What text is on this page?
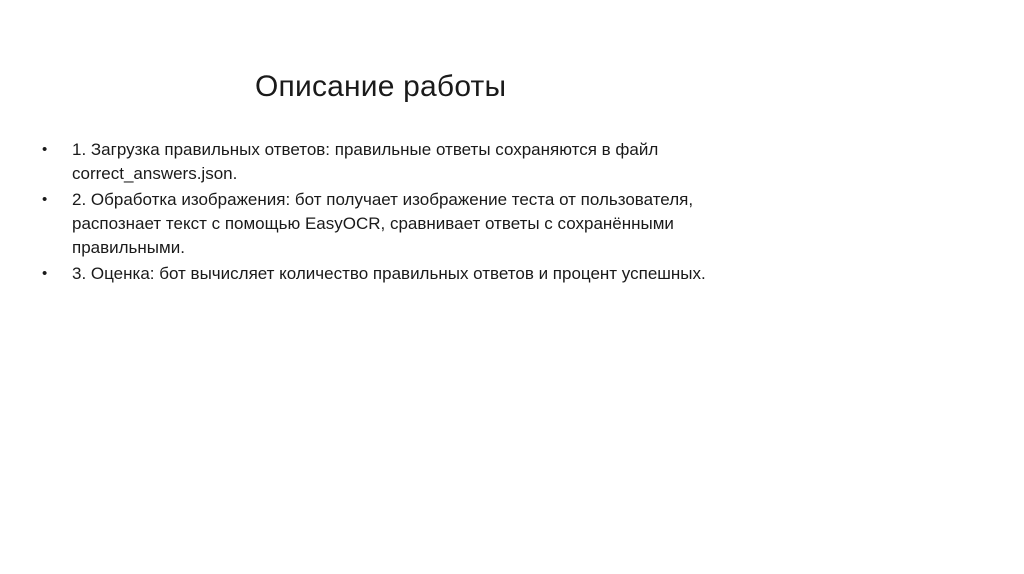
Описание работы
• 1. Загрузка правильных ответов: правильные ответы сохраняются в файл correct_answers.json.
• 2. Обработка изображения: бот получает изображение теста от пользователя, распознает текст с помощью EasyOCR, сравнивает ответы с сохранёнными правильными.
• 3. Оценка: бот вычисляет количество правильных ответов и процент успешных.
